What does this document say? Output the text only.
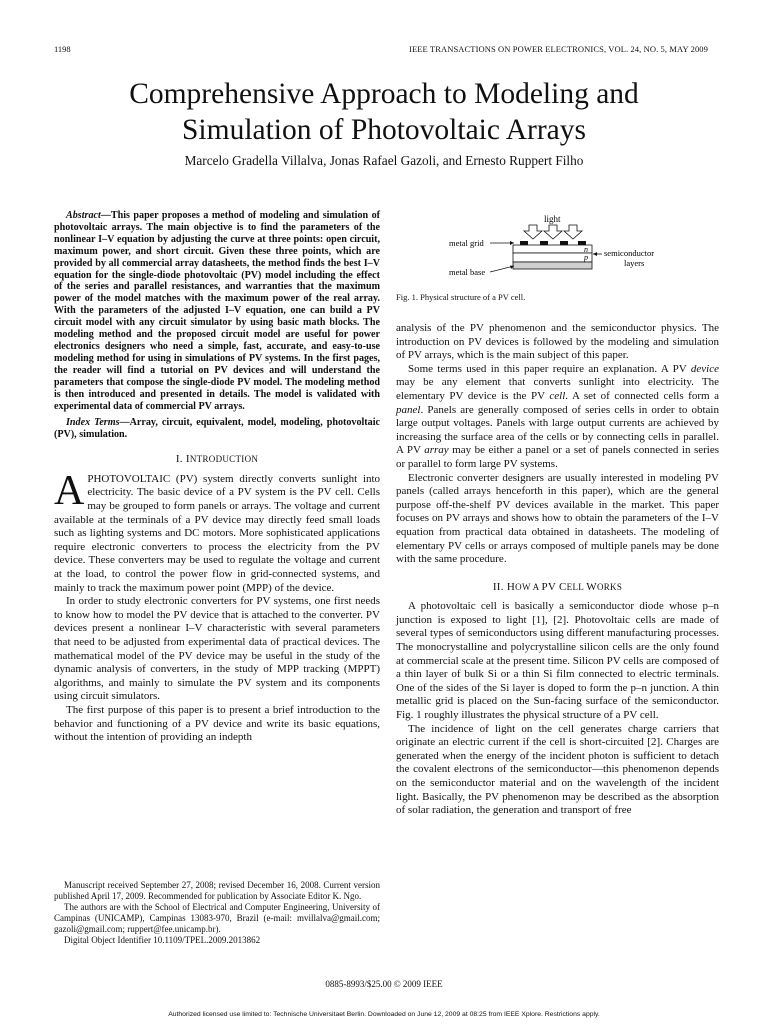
1198	IEEE TRANSACTIONS ON POWER ELECTRONICS, VOL. 24, NO. 5, MAY 2009
Comprehensive Approach to Modeling and
Simulation of Photovoltaic Arrays
Marcelo Gradella Villalva, Jonas Rafael Gazoli, and Ernesto Ruppert Filho

Abstract—This paper proposes a method of modeling and simulation of photovoltaic arrays. The main objective is to find the parameters of the nonlinear I–V equation by adjusting the curve at three points: open circuit, maximum power, and short circuit. Given these three points, which are provided by all commercial array datasheets, the method finds the best I–V equation for the single-diode photovoltaic (PV) model including the effect of the series and parallel resistances, and warranties that the maximum power of the model matches with the maximum power of the real array. With the parameters of the adjusted I–V equation, one can build a PV circuit model with any circuit simulator by using basic math blocks. The modeling method and the proposed circuit model are useful for power electronics designers who need a simple, fast, accurate, and easy-to-use modeling method for using in simulations of PV systems. In the first pages, the reader will find a tutorial on PV devices and will understand the parameters that compose the single-diode PV model. The modeling method is then introduced and presented in details. The model is validated with experimental data of commercial PV arrays.

Index Terms—Array, circuit, equivalent, model, modeling, photovoltaic (PV), simulation.

I. INTRODUCTION

APHOTOVOLTAIC (PV) system directly converts sunlight into electricity. The basic device of a PV system is the PV cell. Cells may be grouped to form panels or arrays. The voltage and current available at the terminals of a PV device may directly feed small loads such as lighting systems and DC motors. More sophisticated applications require electronic converters to process the electricity from the PV device. These converters may be used to regulate the voltage and current at the load, to control the power flow in grid-connected systems, and mainly to track the maximum power point (MPP) of the device.

In order to study electronic converters for PV systems, one first needs to know how to model the PV device that is attached to the converter. PV devices present a nonlinear I–V characteristic with several parameters that need to be adjusted from experimental data of practical devices. The mathematical model of the PV device may be useful in the study of the dynamic analysis of converters, in the study of MPP tracking (MPPT) algorithms, and mainly to simulate the PV system and its components using circuit simulators.

The first purpose of this paper is to present a brief introduction to the behavior and functioning of a PV device and write its basic equations, without the intention of providing an indepth

Manuscript received September 27, 2008; revised December 16, 2008. Current version published April 17, 2009. Recommended for publication by Associate Editor K. Ngo.

The authors are with the School of Electrical and Computer Engineering, University of Campinas (UNICAMP), Campinas 13083-970, Brazil (e-mail: mvillalva@gmail.com; gazoli@gmail.com; ruppert@fee.unicamp.br).

Digital Object Identifier 10.1109/TPEL.2009.2013862

light
n
p
metal grid
metal base
semiconductor
layers
Fig. 1. Physical structure of a PV cell.

analysis of the PV phenomenon and the semiconductor physics. The introduction on PV devices is followed by the modeling and simulation of PV arrays, which is the main subject of this paper.

Some terms used in this paper require an explanation. A PV device may be any element that converts sunlight into electricity. The elementary PV device is the PV cell. A set of connected cells form a panel. Panels are generally composed of series cells in order to obtain large output voltages. Panels with large output currents are achieved by increasing the surface area of the cells or by connecting cells in parallel. A PV array may be either a panel or a set of panels connected in series or parallel to form large PV systems.

Electronic converter designers are usually interested in modeling PV panels (called arrays henceforth in this paper), which are the general purpose off-the-shelf PV devices available in the market. This paper focuses on PV arrays and shows how to obtain the parameters of the I–V equation from practical data obtained in datasheets. The modeling of elementary PV cells or arrays composed of multiple panels may be done with the same procedure.

II. HOW A PV CELL WORKS

A photovoltaic cell is basically a semiconductor diode whose p–n junction is exposed to light [1], [2]. Photovoltaic cells are made of several types of semiconductors using different manufacturing processes. The monocrystalline and polycrystalline silicon cells are the only found at commercial scale at the present time. Silicon PV cells are composed of a thin layer of bulk Si or a thin Si film connected to electric terminals. One of the sides of the Si layer is doped to form the p–n junction. A thin metallic grid is placed on the Sun-facing surface of the semiconductor. Fig. 1 roughly illustrates the physical structure of a PV cell.

The incidence of light on the cell generates charge carriers that originate an electric current if the cell is short-circuited [2]. Charges are generated when the energy of the incident photon is sufficient to detach the covalent electrons of the semiconductor—this phenomenon depends on the semiconductor material and on the wavelength of the incident light. Basically, the PV phenomenon may be described as the absorption of solar radiation, the generation and transport of free

0885-8993/$25.00 © 2009 IEEE
Authorized licensed use limited to: Technische Universitaet Berlin. Downloaded on June 12, 2009 at 08:25 from IEEE Xplore. Restrictions apply.
